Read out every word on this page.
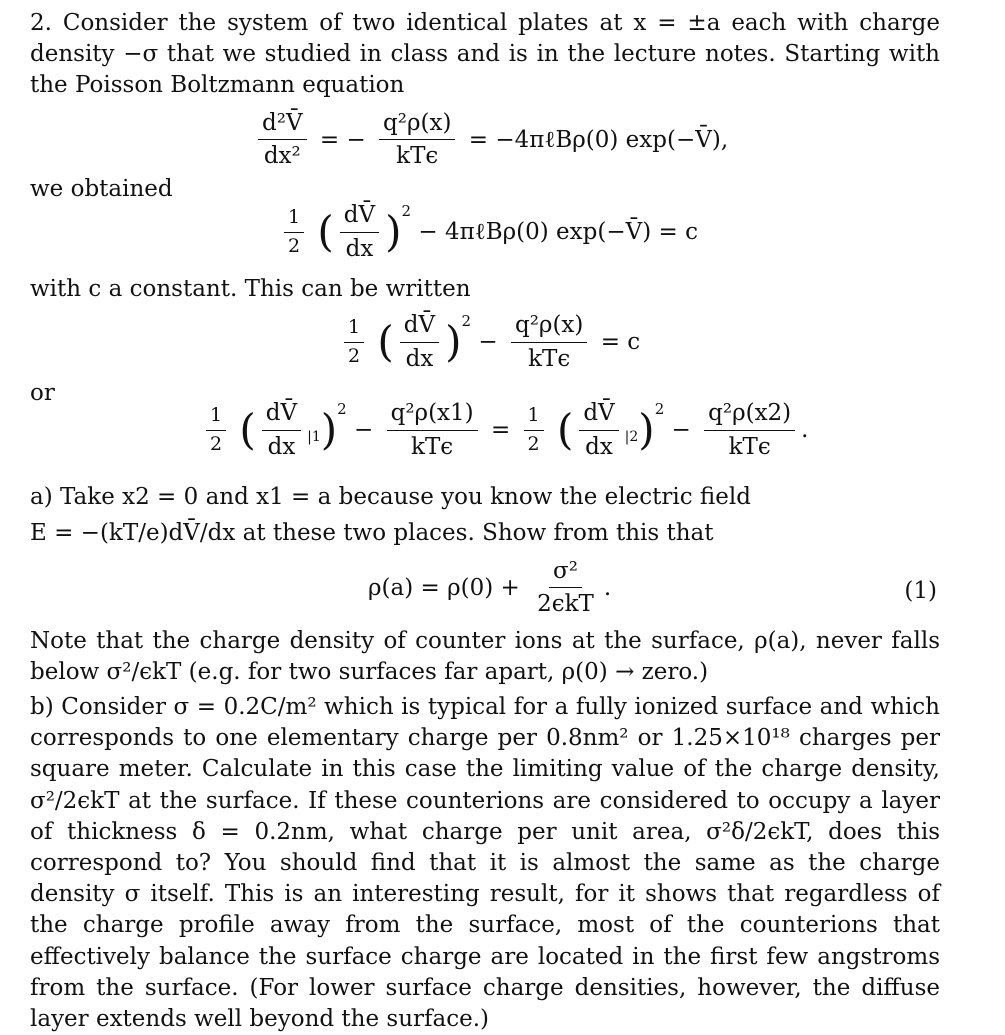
2. Consider the system of two identical plates at x = ±a each with charge density −σ that we studied in class and is in the lecture notes. Starting with the Poisson Boltzmann equation
$\frac{\text{d²V̄}}{\text{dx²}}$ = − $\frac{\text{q²ρ(x)}}{\text{kTϵ}}$ = −4πℓBρ(0) exp(−V̄),
we obtained
$\frac{1}{2}$ ( $\frac{dV̄}{dx} )^2$ − 4πℓBρ(0) exp(−V̄) = c
with c a constant. This can be written
$\frac{1}{2}$ ( $\frac{dV̄}{dx} )^2 - \frac{\text{q²ρ(x)}}{\text{kTϵ}} = c$
or
$\frac{1}{2}$ ( $\frac{dV̄}{dx} _{|1})^2 - \frac{\text{q²ρ(x1)}}{\text{kTϵ}} = \frac{1}{2}$ ( $\frac{dV̄}{dx} _{|2})^2 - \frac{\text{q²ρ(x2)}}{\text{kTϵ}}$ .
a) Take x2 = 0 and x1 = a because you know the electric field
E = −(kT/e)dV̄/dx at these two places. Show from this that
$\rho(a) = \rho(0) + \frac{\text{σ²}}{\text{2ϵkT}}$ .	(1)
Note that the charge density of counter ions at the surface, ρ(a), never falls below σ²/ϵkT (e.g. for two surfaces far apart, ρ(0) → zero.)
b) Consider σ = 0.2C/m² which is typical for a fully ionized surface and which corresponds to one elementary charge per 0.8nm² or 1.25×10¹⁸ charges per square meter. Calculate in this case the limiting value of the charge density, σ²/2ϵkT at the surface. If these counterions are considered to occupy a layer of thickness δ = 0.2nm, what charge per unit area, σ²δ/2ϵkT, does this correspond to? You should find that it is almost the same as the charge density σ itself. This is an interesting result, for it shows that regardless of the charge profile away from the surface, most of the counterions that effectively balance the surface charge are located in the first few angstroms from the surface. (For lower surface charge densities, however, the diffuse layer extends well beyond the surface.)
